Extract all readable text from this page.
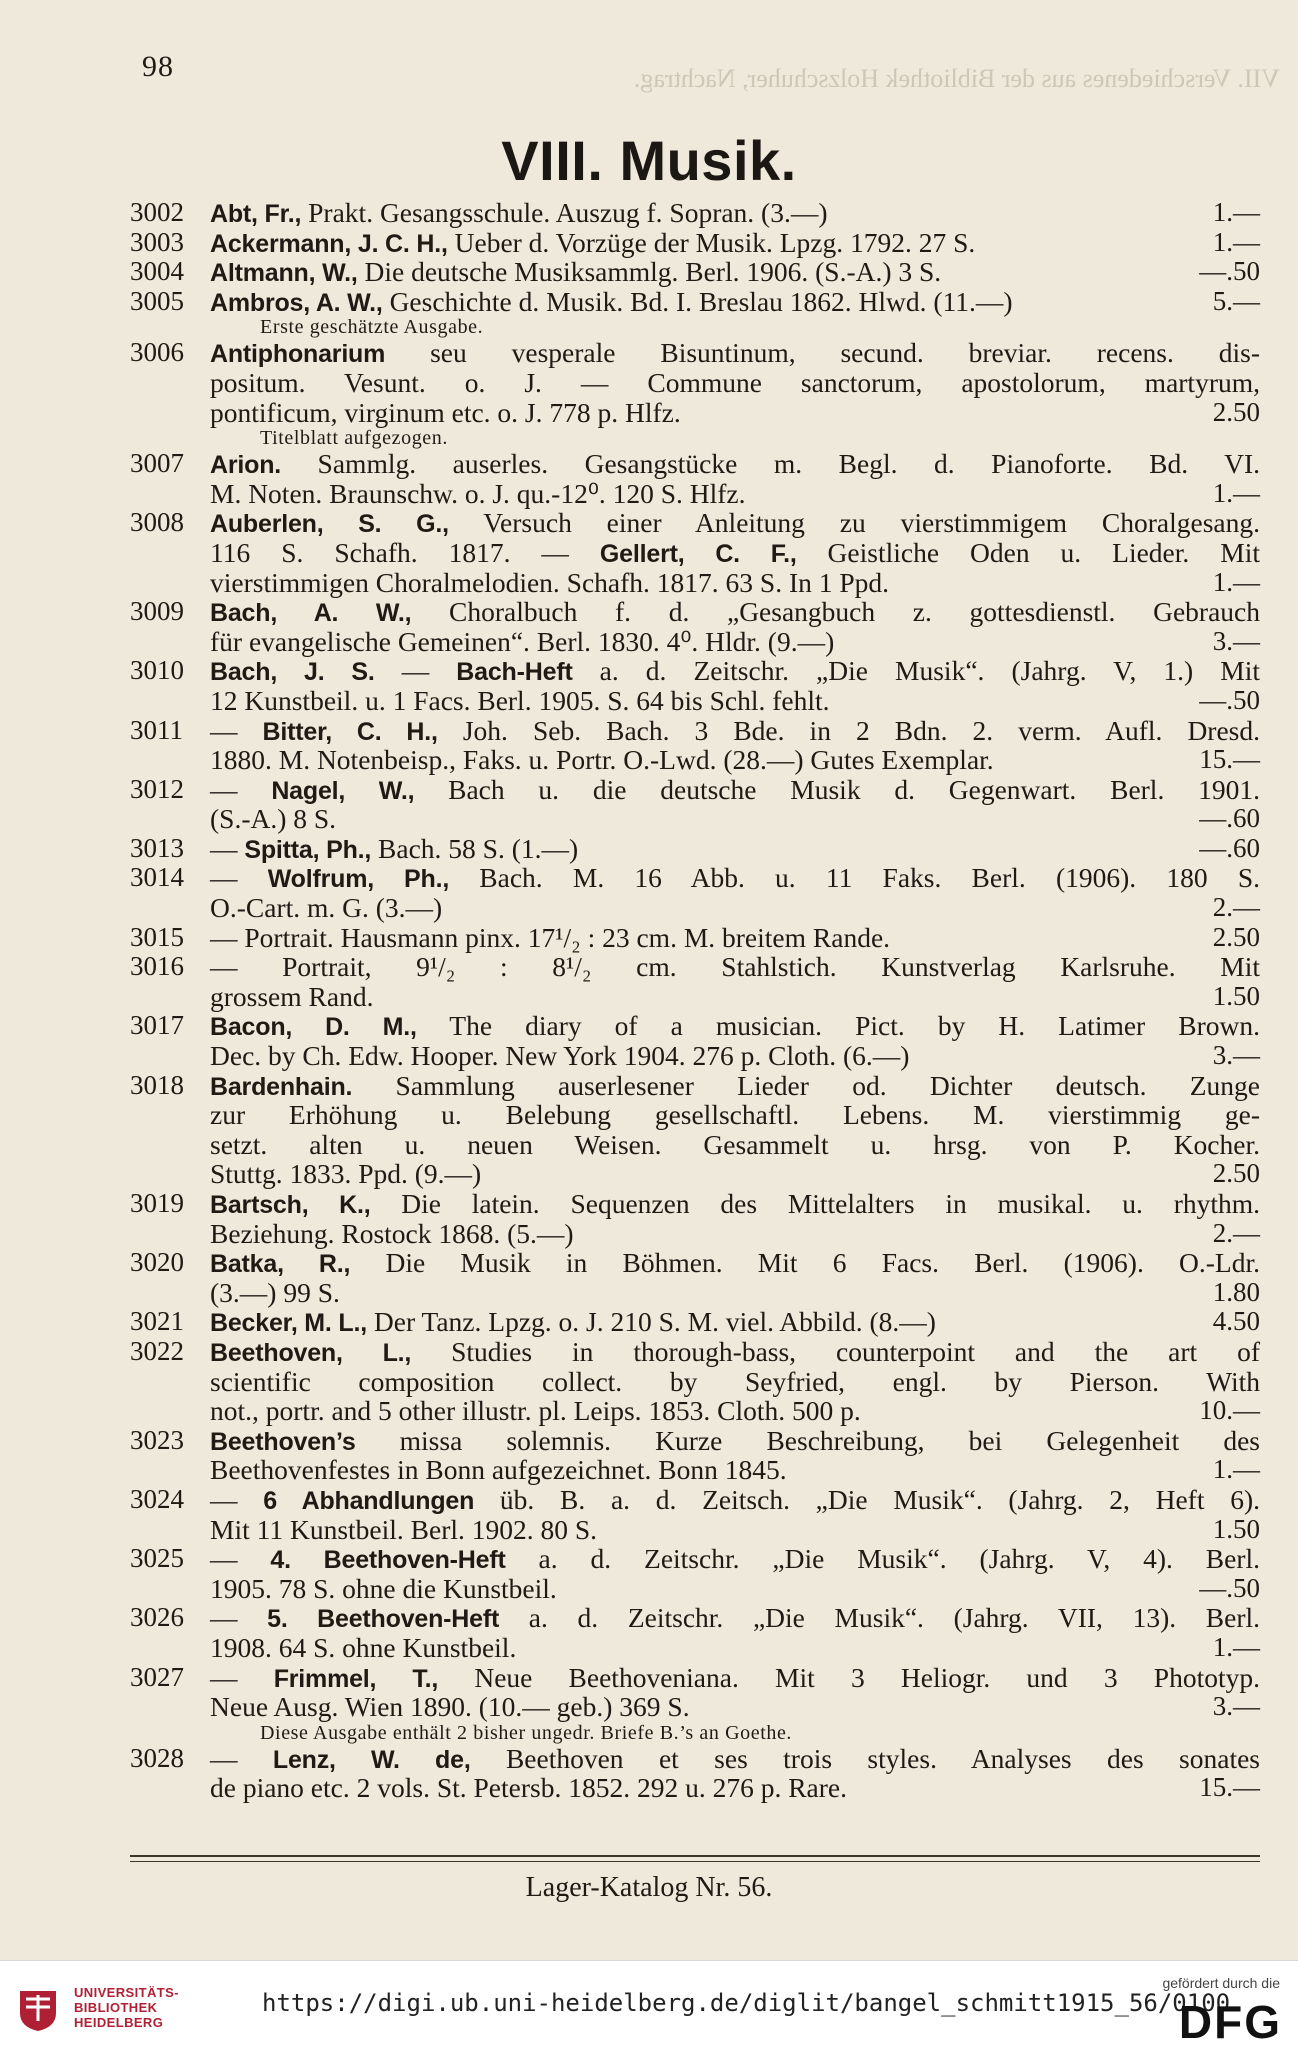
98	VII. Verschiedenes aus der Bibliothek Holzschuher, Nachtrag.
VIII. Musik.
3002	Abt, Fr., Prakt. Gesangsschule. Auszug f. Sopran. (3.—)	1.—
3003	Ackermann, J. C. H., Ueber d. Vorzüge der Musik. Lpzg. 1792. 27 S.	1.—
3004	Altmann, W., Die deutsche Musiksammlg. Berl. 1906. (S.-A.) 3 S.	—.50
3005	Ambros, A. W., Geschichte d. Musik. Bd. I. Breslau 1862. Hlwd. (11.—)	5.—
Erste geschätzte Ausgabe.
3006	Antiphonarium seu vesperale Bisuntinum, secund. breviar. recens. dis-
positum. Vesunt. o. J. — Commune sanctorum, apostolorum, martyrum,
pontificum, virginum etc. o. J. 778 p. Hlfz.	2.50
Titelblatt aufgezogen.
3007	Arion. Sammlg. auserles. Gesangstücke m. Begl. d. Pianoforte. Bd. VI.
M. Noten. Braunschw. o. J. qu.-12⁰. 120 S. Hlfz.	1.—
3008	Auberlen, S. G., Versuch einer Anleitung zu vierstimmigem Choralgesang.
116 S. Schafh. 1817. — Gellert, C. F., Geistliche Oden u. Lieder. Mit
vierstimmigen Choralmelodien. Schafh. 1817. 63 S. In 1 Ppd.	1.—
3009	Bach, A. W., Choralbuch f. d. „Gesangbuch z. gottesdienstl. Gebrauch
für evangelische Gemeinen“. Berl. 1830. 4⁰. Hldr. (9.—)	3.—
3010	Bach, J. S. — Bach-Heft a. d. Zeitschr. „Die Musik“. (Jahrg. V, 1.) Mit
12 Kunstbeil. u. 1 Facs. Berl. 1905. S. 64 bis Schl. fehlt.	—.50
3011 — Bitter, C. H., Joh. Seb. Bach. 3 Bde. in 2 Bdn. 2. verm. Aufl. Dresd.
1880. M. Notenbeisp., Faks. u. Portr. O.-Lwd. (28.—) Gutes Exemplar.	15.—
3012 — Nagel, W., Bach u. die deutsche Musik d. Gegenwart. Berl. 1901.
(S.-A.) 8 S.	—.60
3013 — Spitta, Ph., Bach. 58 S. (1.—)	—.60
3014 — Wolfrum, Ph., Bach. M. 16 Abb. u. 11 Faks. Berl. (1906). 180 S.
O.-Cart. m. G. (3.—)	2.—
3015 — Portrait. Hausmann pinx. 17¹/₂ : 23 cm. M. breitem Rande.	2.50
3016 — Portrait, 9¹/₂ : 8¹/₂ cm. Stahlstich. Kunstverlag Karlsruhe. Mit
grossem Rand.	1.50
3017	Bacon, D. M., The diary of a musician. Pict. by H. Latimer Brown.
Dec. by Ch. Edw. Hooper. New York 1904. 276 p. Cloth. (6.—)	3.—
3018	Bardenhain. Sammlung auserlesener Lieder od. Dichter deutsch. Zunge
zur Erhöhung u. Belebung gesellschaftl. Lebens. M. vierstimmig ge-
setzt. alten u. neuen Weisen. Gesammelt u. hrsg. von P. Kocher.
Stuttg. 1833. Ppd. (9.—)	2.50
3019	Bartsch, K., Die latein. Sequenzen des Mittelalters in musikal. u. rhythm.
Beziehung. Rostock 1868. (5.—)	2.—
3020	Batka, R., Die Musik in Böhmen. Mit 6 Facs. Berl. (1906). O.-Ldr.
(3.—) 99 S.	1.80
3021	Becker, M. L., Der Tanz. Lpzg. o. J. 210 S. M. viel. Abbild. (8.—)	4.50
3022	Beethoven, L., Studies in thorough-bass, counterpoint and the art of
scientific composition collect. by Seyfried, engl. by Pierson. With
not., portr. and 5 other illustr. pl. Leips. 1853. Cloth. 500 p.	10.—
3023	Beethoven’s missa solemnis. Kurze Beschreibung, bei Gelegenheit des
Beethovenfestes in Bonn aufgezeichnet. Bonn 1845.	1.—
3024 — 6 Abhandlungen üb. B. a. d. Zeitsch. „Die Musik“. (Jahrg. 2, Heft 6).
Mit 11 Kunstbeil. Berl. 1902. 80 S.	1.50
3025 — 4. Beethoven-Heft a. d. Zeitschr. „Die Musik“. (Jahrg. V, 4). Berl.
1905. 78 S. ohne die Kunstbeil.	—.50
3026 — 5. Beethoven-Heft a. d. Zeitschr. „Die Musik“. (Jahrg. VII, 13). Berl.
1908. 64 S. ohne Kunstbeil.	1.—
3027 — Frimmel, T., Neue Beethoveniana. Mit 3 Heliogr. und 3 Phototyp.
Neue Ausg. Wien 1890. (10.— geb.) 369 S.	3.—
Diese Ausgabe enthält 2 bisher ungedr. Briefe B.’s an Goethe.
3028 — Lenz, W. de, Beethoven et ses trois styles. Analyses des sonates
de piano etc. 2 vols. St. Petersb. 1852. 292 u. 276 p. Rare.	15.—
Lager-Katalog Nr. 56.
UNIVERSITÄTS-
BIBLIOTHEK
HEIDELBERG
https://digi.ub.uni-heidelberg.de/diglit/bangel_schmitt1915_56/0100
gefördert durch die
DFG
